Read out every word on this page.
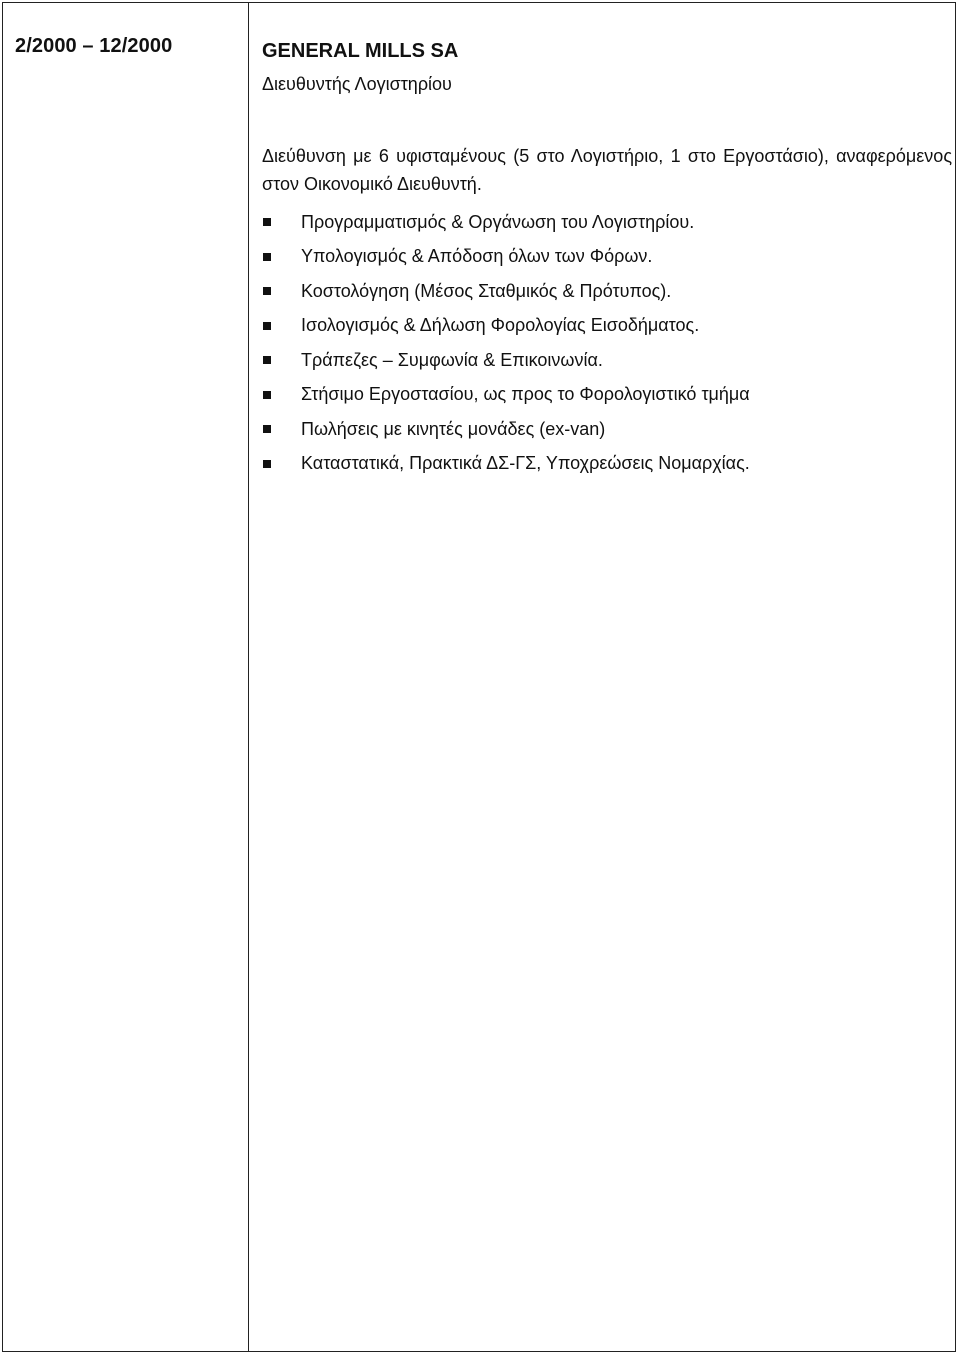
2/2000 – 12/2000	GENERAL MILLS SA
Διευθυντής Λογιστηρίου
Διεύθυνση με 6 υφισταμένους (5 στο Λογιστήριο, 1 στο Εργοστάσιο), αναφερόμενος στον Οικονομικό Διευθυντή.
Προγραμματισμός & Οργάνωση του Λογιστηρίου.
Υπολογισμός & Απόδοση όλων των Φόρων.
Κοστολόγηση (Μέσος Σταθμικός & Πρότυπος).
Ισολογισμός & Δήλωση Φορολογίας Εισοδήματος.
Τράπεζες – Συμφωνία & Επικοινωνία.
Στήσιμο Εργοστασίου, ως προς το Φορολογιστικό τμήμα
Πωλήσεις με κινητές μονάδες (ex-van)
Καταστατικά, Πρακτικά ΔΣ-ΓΣ, Υποχρεώσεις Νομαρχίας.
